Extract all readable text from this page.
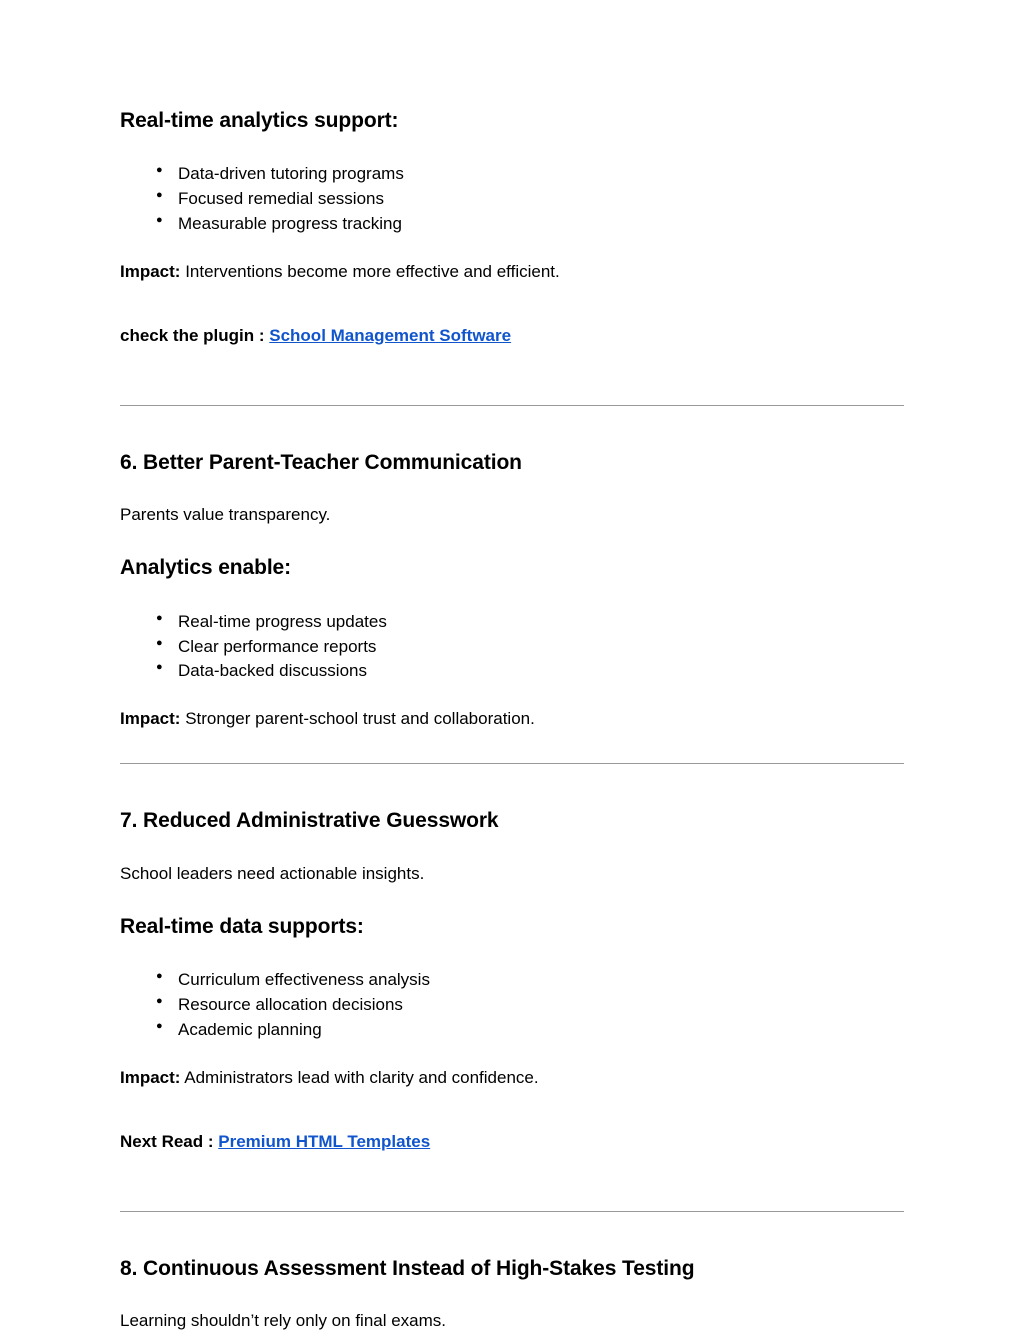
Real-time analytics support:
● Data-driven tutoring programs
● Focused remedial sessions
● Measurable progress tracking

Impact: Interventions become more effective and efficient.

check the plugin : School Management Software

6. Better Parent-Teacher Communication

Parents value transparency.

Analytics enable:
● Real-time progress updates
● Clear performance reports
● Data-backed discussions

Impact: Stronger parent-school trust and collaboration.

7. Reduced Administrative Guesswork

School leaders need actionable insights.

Real-time data supports:
● Curriculum effectiveness analysis
● Resource allocation decisions
● Academic planning

Impact: Administrators lead with clarity and confidence.

Next Read : Premium HTML Templates

8. Continuous Assessment Instead of High-Stakes Testing

Learning shouldn’t rely only on final exams.
